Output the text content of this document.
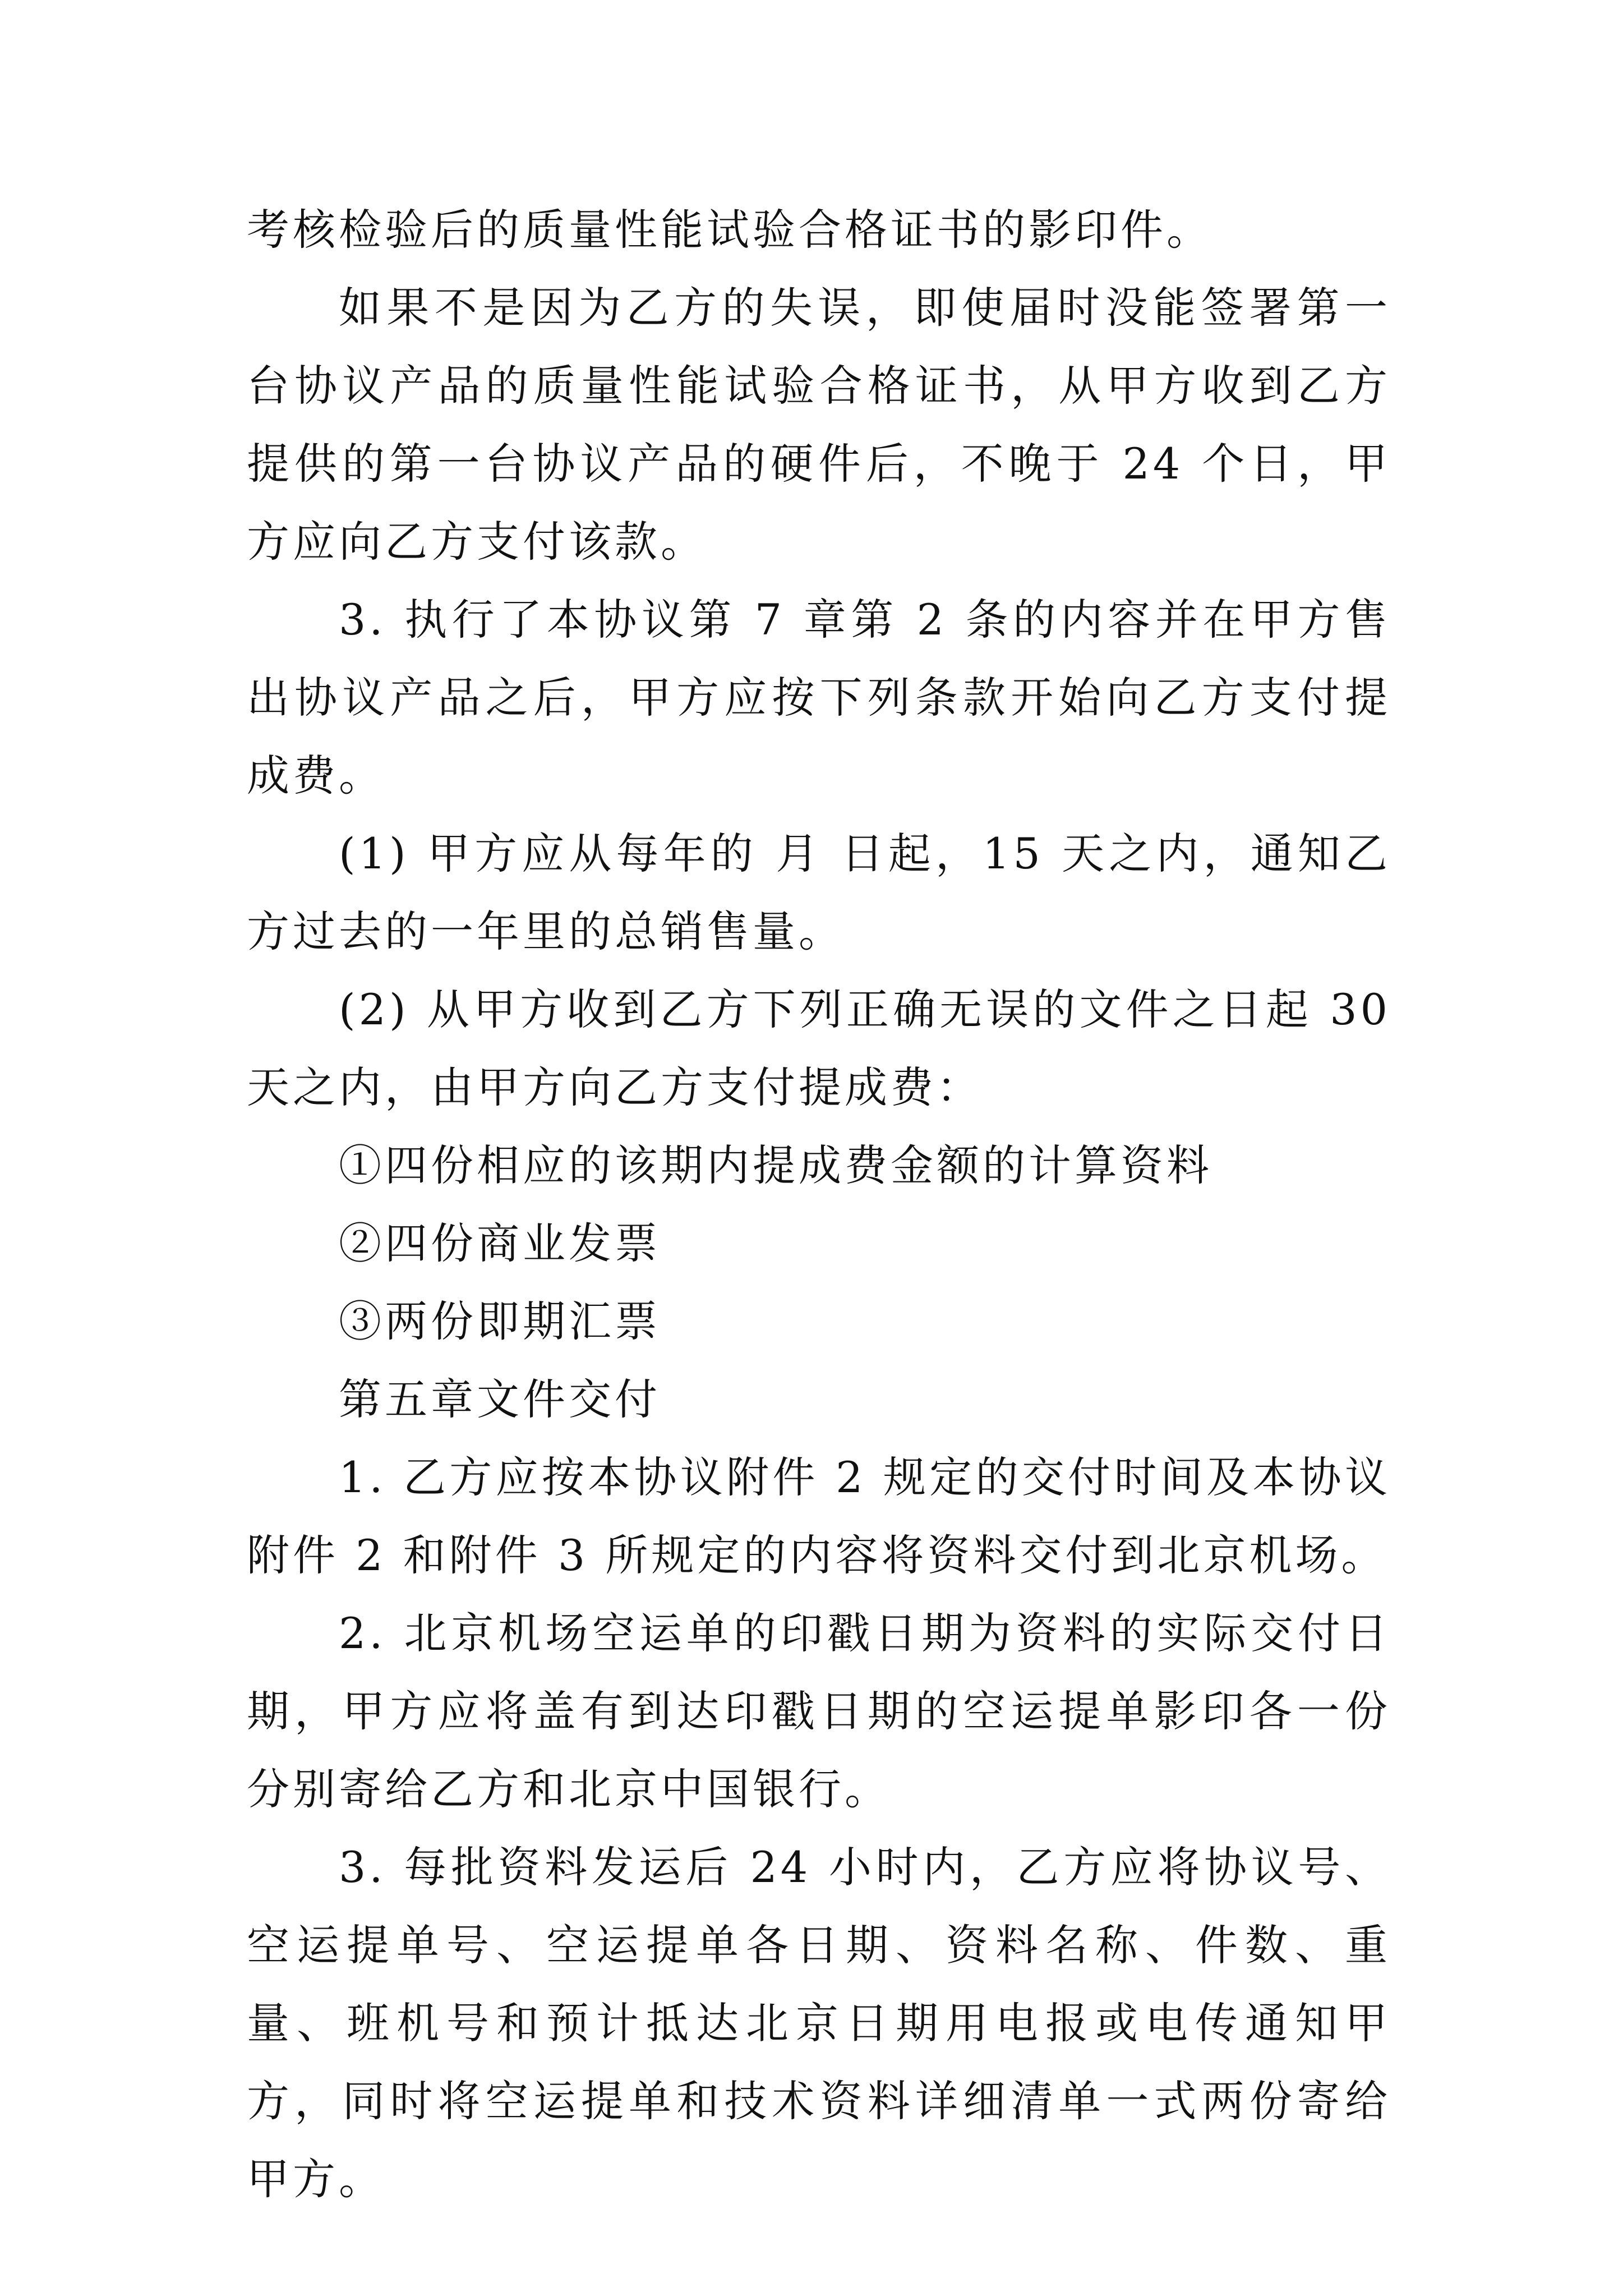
考核检验后的质量性能试验合格证书的影印件。

如果不是因为乙方的失误，即使届时没能签署第一台协议产品的质量性能试验合格证书，从甲方收到乙方提供的第一台协议产品的硬件后，不晚于 24 个日，甲方应向乙方支付该款。

3. 执行了本协议第 7 章第 2 条的内容并在甲方售出协议产品之后，甲方应按下列条款开始向乙方支付提成费。

(1) 甲方应从每年的 月 日起，15 天之内，通知乙方过去的一年里的总销售量。

(2) 从甲方收到乙方下列正确无误的文件之日起 30 天之内，由甲方向乙方支付提成费：

①四份相应的该期内提成费金额的计算资料

②四份商业发票

③两份即期汇票

第五章文件交付

1. 乙方应按本协议附件 2 规定的交付时间及本协议附件 2 和附件 3 所规定的内容将资料交付到北京机场。

2. 北京机场空运单的印戳日期为资料的实际交付日期，甲方应将盖有到达印戳日期的空运提单影印各一份分别寄给乙方和北京中国银行。

3. 每批资料发运后 24 小时内，乙方应将协议号、空运提单号、空运提单各日期、资料名称、件数、重量、班机号和预计抵达北京日期用电报或电传通知甲方，同时将空运提单和技术资料详细清单一式两份寄给甲方。
